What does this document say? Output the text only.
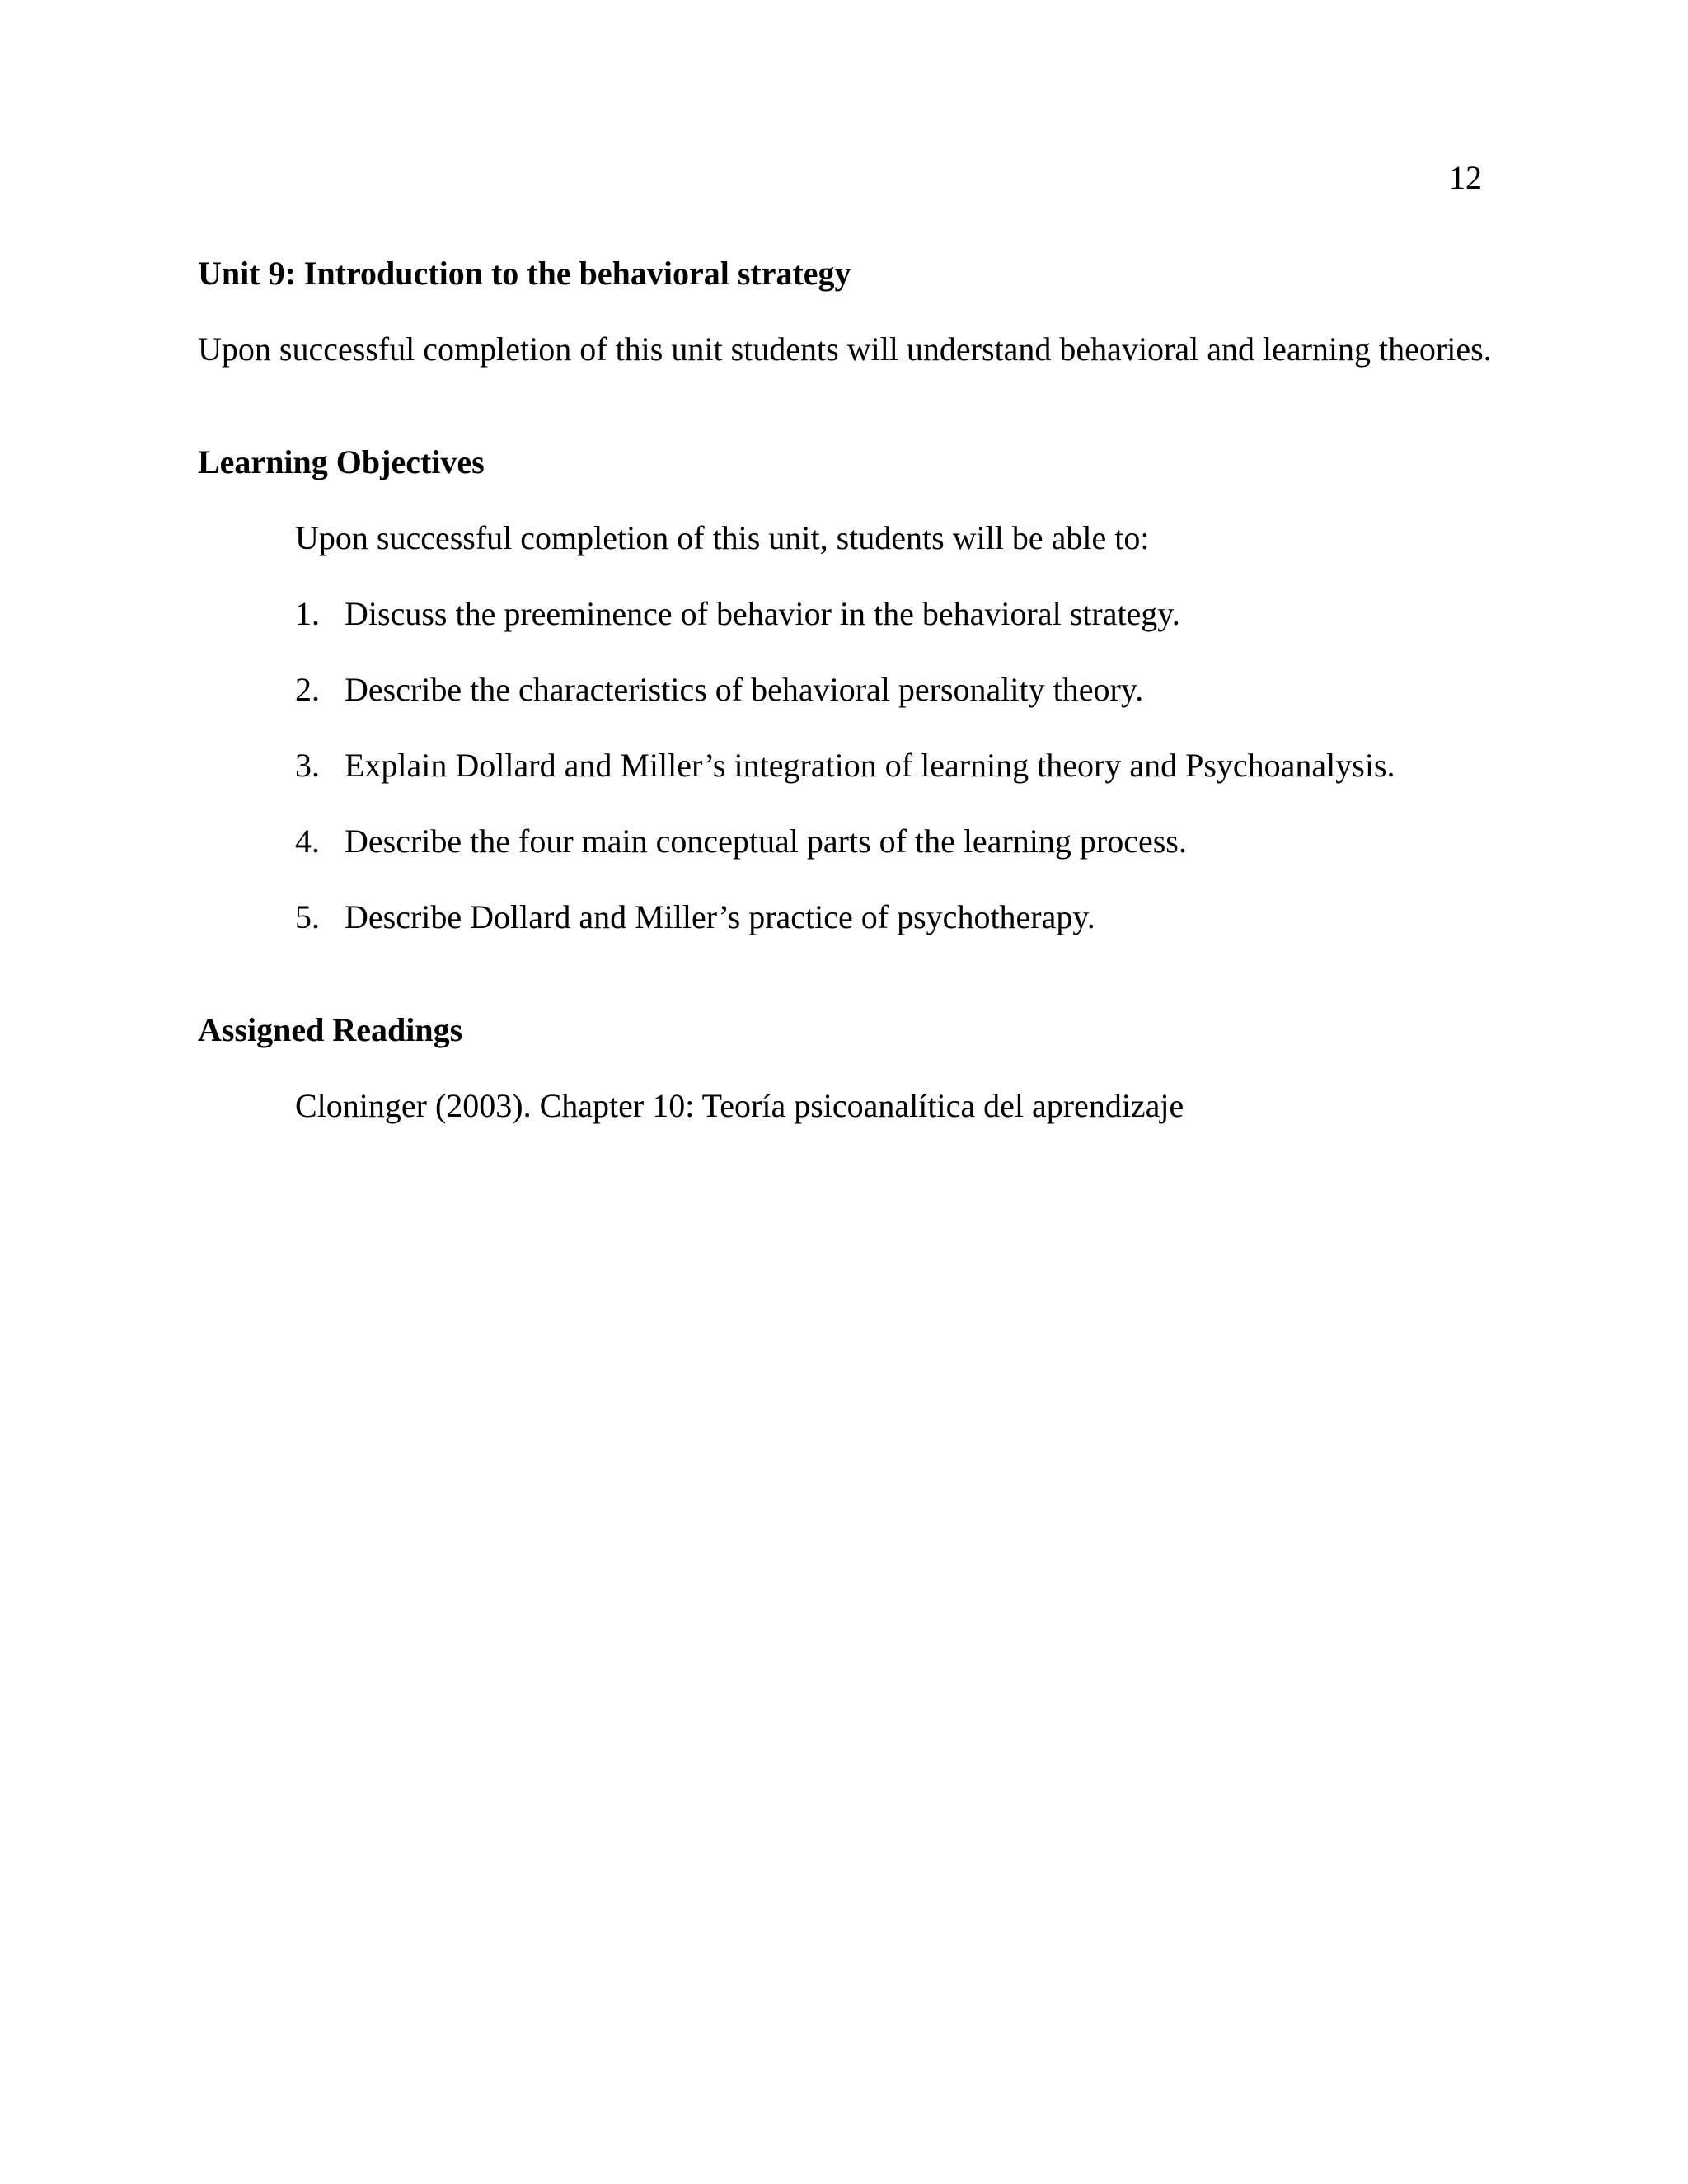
12
Unit 9: Introduction to the behavioral strategy
Upon successful completion of this unit students will understand behavioral and learning theories.
Learning Objectives
Upon successful completion of this unit, students will be able to:
1. Discuss the preeminence of behavior in the behavioral strategy.
2. Describe the characteristics of behavioral personality theory.
3. Explain Dollard and Miller’s integration of learning theory and Psychoanalysis.
4. Describe the four main conceptual parts of the learning process.
5. Describe Dollard and Miller’s practice of psychotherapy.
Assigned Readings
Cloninger (2003). Chapter 10: Teoría psicoanalítica del aprendizaje
